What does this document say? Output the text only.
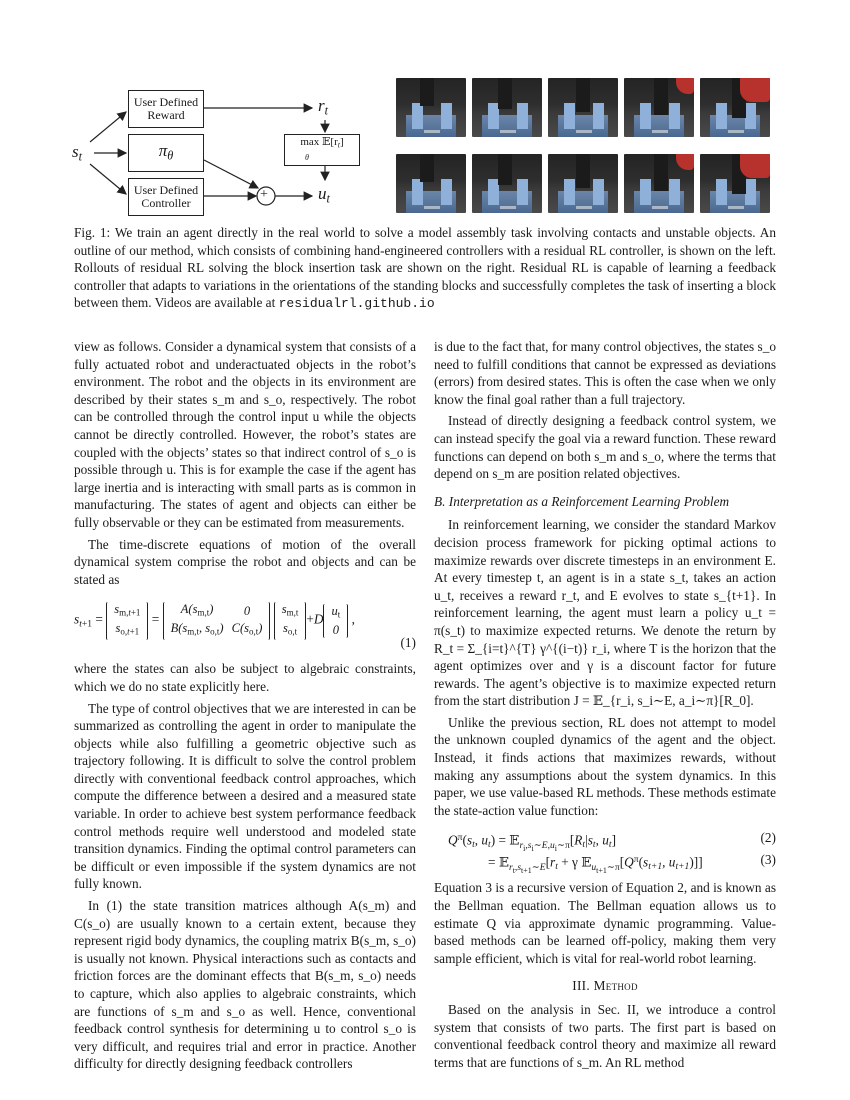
$s_t$
User Defined
Reward
$\pi_\theta$
User Defined
Controller
$\max 𝔼[r_t]$
θ
$r_t$
$u_t$
+
Fig. 1: We train an agent directly in the real world to solve a model assembly task involving contacts and unstable objects. An outline of our method, which consists of combining hand-engineered controllers with a residual RL controller, is shown on the left. Rollouts of residual RL solving the block insertion task are shown on the right. Residual RL is capable of learning a feedback controller that adapts to variations in the orientations of the standing blocks and successfully completes the task of inserting a block between them. Videos are available at residualrl.github.io

view as follows. Consider a dynamical system that consists of a fully actuated robot and underactuated objects in the robot’s environment. The robot and the objects in its environment are described by their states s_m and s_o, respectively. The robot can be controlled through the control input u while the objects cannot be directly controlled. However, the robot’s states are coupled with the objects’ states so that indirect control of s_o is possible through u. This is for example the case if the agent has large inertia and is interacting with small parts as is common in manufacturing. The states of agent and objects can either be fully observable or they can be estimated from measurements.

The time-discrete equations of motion of the overall dynamical system comprise the robot and objects and can be stated as

$s_{t+1}$ =
$s_{m,t+1}$
$s_{o,t+1}$
=
$A(s_{m,t})$	0
$B(s_{m,t}$, $s_{o,t}$)	$C(s_{o,t})$

$s_{m,t}$
$s_{o,t}$
+D
$u_t$
0
,
(1)

where the states can also be subject to algebraic constraints, which we do no state explicitly here.

The type of control objectives that we are interested in can be summarized as controlling the agent in order to manipulate the objects while also fulfilling a geometric objective such as trajectory following. It is difficult to solve the control problem directly with conventional feedback control approaches, which compute the difference between a desired and a measured state variable. In order to achieve best system performance feedback control methods require well understood and modeled state transition dynamics. Finding the optimal control parameters can be difficult or even impossible if the system dynamics are not fully known.

In (1) the state transition matrices although A(s_m) and C(s_o) are usually known to a certain extent, because they represent rigid body dynamics, the coupling matrix B(s_m, s_o) is usually not known. Physical interactions such as contacts and friction forces are the dominant effects that B(s_m, s_o) needs to capture, which also applies to algebraic constraints, which are functions of s_m and s_o as well. Hence, conventional feedback control synthesis for determining u to control s_o is very difficult, and requires trial and error in practice. Another difficulty for directly designing feedback controllers

is due to the fact that, for many control objectives, the states s_o need to fulfill conditions that cannot be expressed as deviations (errors) from desired states. This is often the case when we only know the final goal rather than a full trajectory.

Instead of directly designing a feedback control system, we can instead specify the goal via a reward function. These reward functions can depend on both s_m and s_o, where the terms that depend on s_m are position related objectives.

B. Interpretation as a Reinforcement Learning Problem

In reinforcement learning, we consider the standard Markov decision process framework for picking optimal actions to maximize rewards over discrete timesteps in an environment E. At every timestep t, an agent is in a state s_t, takes an action u_t, receives a reward r_t, and E evolves to state s_{t+1}. In reinforcement learning, the agent must learn a policy u_t = π(s_t) to maximize expected returns. We denote the return by R_t = Σ_{i=t}^{T} γ^{(i−t)} r_i, where T is the horizon that the agent optimizes over and γ is a discount factor for future rewards. The agent’s objective is to maximize expected return from the start distribution J = 𝔼_{r_i, s_i∼E, a_i∼π}[R_0].

Unlike the previous section, RL does not attempt to model the unknown coupled dynamics of the agent and the object. Instead, it finds actions that maximizes rewards, without making any assumptions about the system dynamics. In this paper, we use value-based RL methods. These methods estimate the state-action value function:

$Q^\pi(s_t$, $u_t$) = $𝔼_{r_i,s_i\sim E,u_i\sim\pi}[R_t|s_t$, $u_t$]	(2)
= $𝔼_{r_t,s_{t+1}\sim E}[r_t + \gamma$ $𝔼_{u_{t+1}\sim\pi}[Q^\pi(s_{t+1}$, $u_{t+1}$)]]	(3)

Equation 3 is a recursive version of Equation 2, and is known as the Bellman equation. The Bellman equation allows us to estimate Q via approximate dynamic programming. Value-based methods can be learned off-policy, making them very sample efficient, which is vital for real-world robot learning.

III. Method

Based on the analysis in Sec. II, we introduce a control system that consists of two parts. The first part is based on conventional feedback control theory and maximize all reward terms that are functions of s_m. An RL method
